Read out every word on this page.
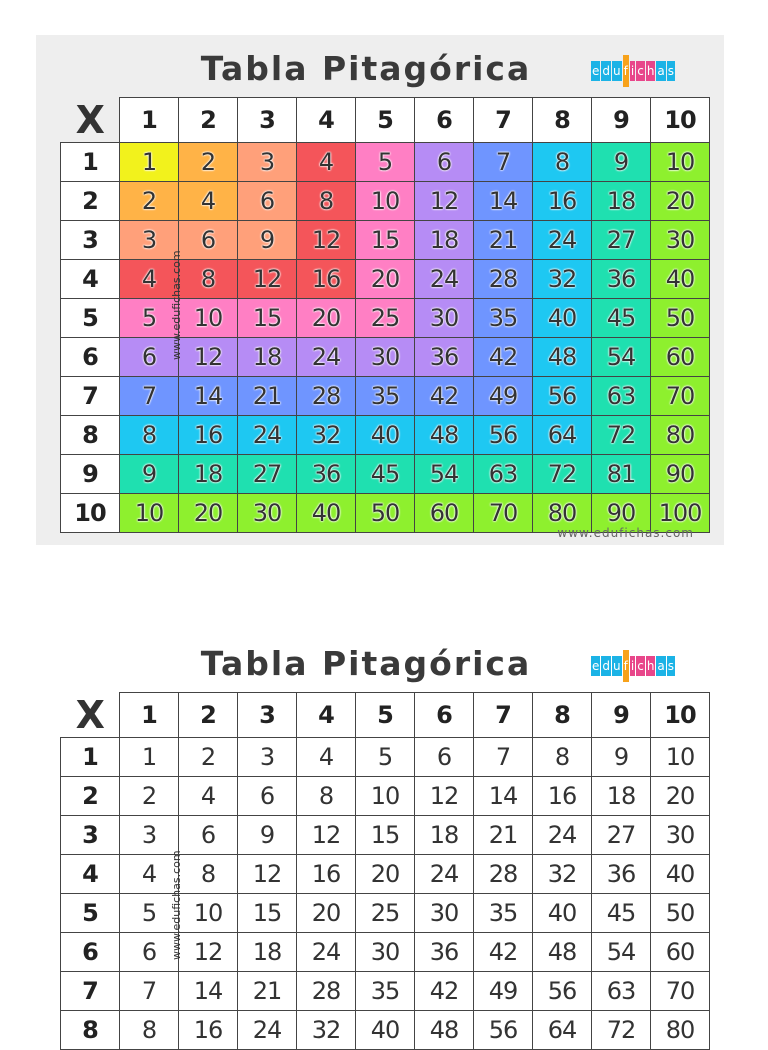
Tabla Pitagórica	e d u f i c h a s
X	1	2	3	4	5	6	7	8	9	10
1	1	2	3	4	5	6	7	8	9	10
2	2	4	6	8	10	12	14	16	18	20
3	3	6	9	12	15	18	21	24	27	30
4	4	8	12	16	20	24	28	32	36	40
5	5	10	15	20	25	30	35	40	45	50
6	6	12	18	24	30	36	42	48	54	60
7	7	14	21	28	35	42	49	56	63	70
8	8	16	24	32	40	48	56	64	72	80
9	9	18	27	36	45	54	63	72	81	90
10	10	20	30	40	50	60	70	80	90	100
www.edufichas.com
www.edufichas.com
Tabla Pitagórica	e d u f i c h a s
X	1	2	3	4	5	6	7	8	9	10
1	1	2	3	4	5	6	7	8	9	10
2	2	4	6	8	10	12	14	16	18	20
3	3	6	9	12	15	18	21	24	27	30
4	4	8	12	16	20	24	28	32	36	40
5	5	10	15	20	25	30	35	40	45	50
6	6	12	18	24	30	36	42	48	54	60
7	7	14	21	28	35	42	49	56	63	70
8	8	16	24	32	40	48	56	64	72	80
www.edufichas.com
